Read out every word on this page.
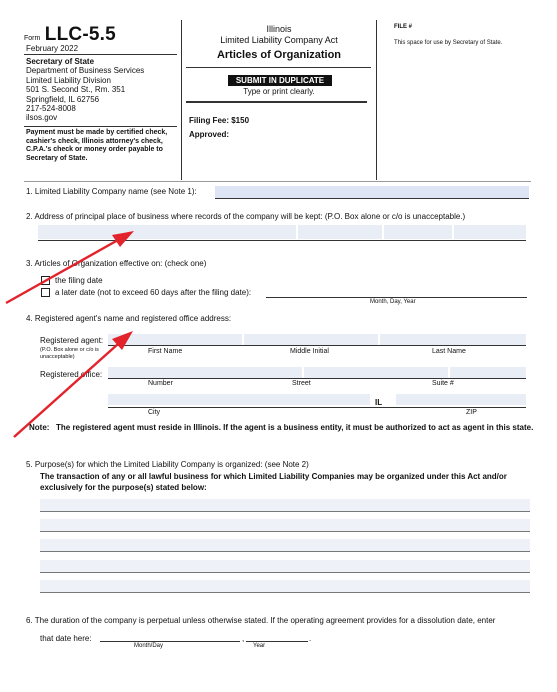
Form LLC-5.5
February 2022
Secretary of State
Department of Business Services
Limited Liability Division
501 S. Second St., Rm. 351
Springfield, IL 62756
217-524-8008
ilsos.gov
Payment must be made by certified check, cashier's check, Illinois attorney's check, C.P.A.'s check or money order payable to Secretary of State.
Illinois
Limited Liability Company Act
Articles of Organization
SUBMIT IN DUPLICATE
Type or print clearly.
Filing Fee: $150
Approved:
FILE #
This space for use by Secretary of State.
1. Limited Liability Company name (see Note 1):
2. Address of principal place of business where records of the company will be kept: (P.O. Box alone or c/o is unacceptable.)
3. Articles of Organization effective on: (check one)
the filing date
a later date (not to exceed 60 days after the filing date):
Month, Day, Year
4. Registered agent's name and registered office address:
Registered agent:
(P.O. Box alone or c/o is unacceptable)
First Name	Middle Initial	Last Name
Registered office:
Number	Street	Suite #
IL
City	ZIP
Note: The registered agent must reside in Illinois. If the agent is a business entity, it must be authorized to act as agent in this state.
5. Purpose(s) for which the Limited Liability Company is organized: (see Note 2)
The transaction of any or all lawful business for which Limited Liability Companies may be organized under this Act and/or exclusively for the purpose(s) stated below:
6. The duration of the company is perpetual unless otherwise stated. If the operating agreement provides for a dissolution date, enter
that date here:	,	.
Month/Day	Year
